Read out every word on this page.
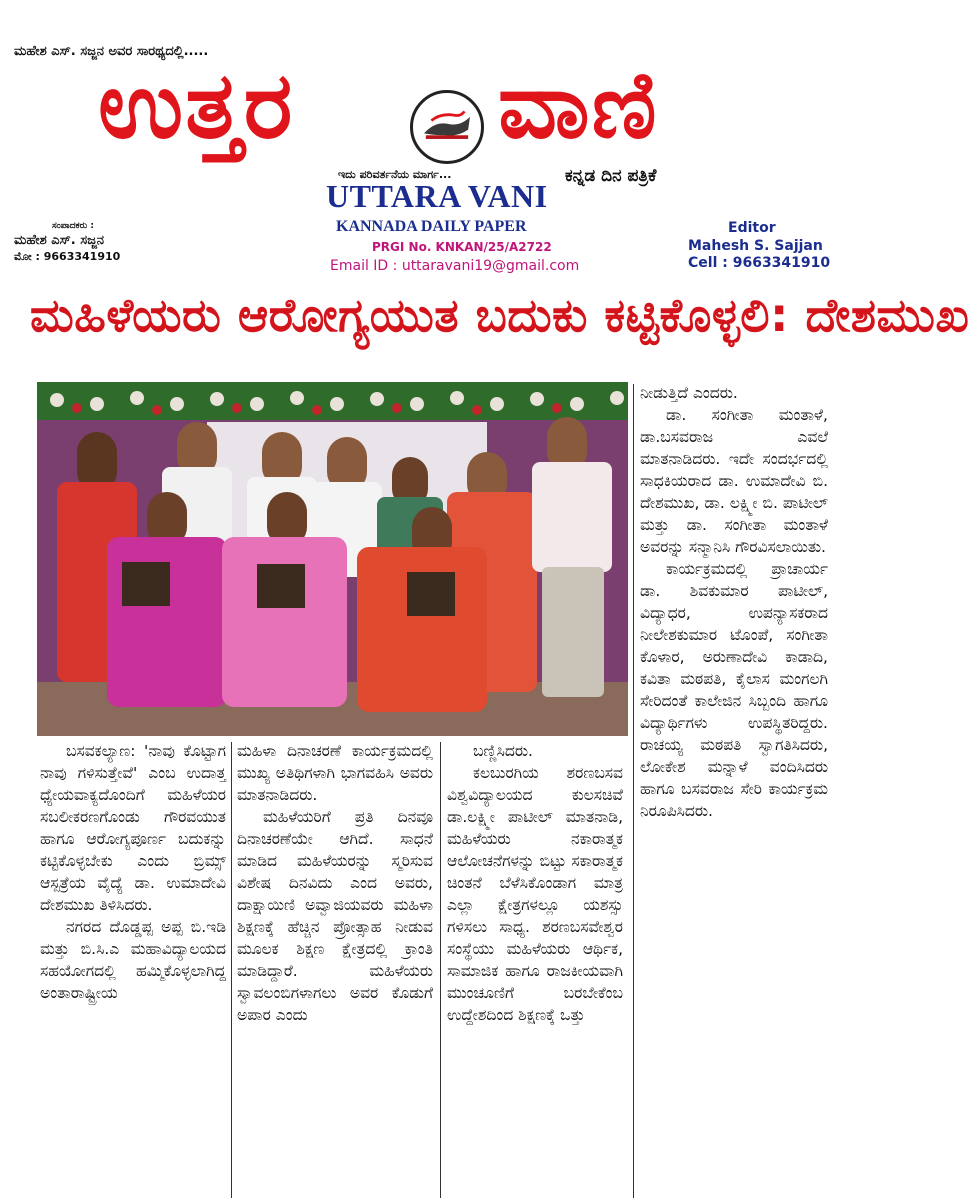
ಮಹೇಶ ಎಸ್. ಸಜ್ಜನ ಅವರ ಸಾರಥ್ಯದಲ್ಲಿ.....
ಉತ್ತರ ವಾಣಿ
ಇದು ಪರಿವರ್ತನೆಯ ಮಾರ್ಗ...
UTTARA VANI
ಕನ್ನಡ ದಿನ ಪತ್ರಿಕೆ
KANNADA DAILY PAPER
PRGI No. KNKAN/25/A2722
Email ID : uttaravani19@gmail.com
ಸಂಪಾದಕರು :
ಮಹೇಶ ಎಸ್. ಸಜ್ಜನ
ಮೋ : 9663341910
Editor
Mahesh S. Sajjan
Cell : 9663341910
ಮಹಿಳೆಯರು ಆರೋಗ್ಯಯುತ ಬದುಕು ಕಟ್ಟಿಕೊಳ್ಳಲಿ: ದೇಶಮುಖ

ಬಸವಕಲ್ಯಾಣ: 'ನಾವು ಕೊಟ್ಟಾಗ ನಾವು ಗಳಿಸುತ್ತೇವೆ' ಎಂಬ ಉದಾತ್ತ ಧ್ಯೇಯವಾಕ್ಯದೊಂದಿಗೆ ಮಹಿಳೆಯರ ಸಬಲೀಕರಣಗೊಂಡು ಗೌರವಯುತ ಹಾಗೂ ಆರೋಗ್ಯಪೂರ್ಣ ಬದುಕನ್ನು ಕಟ್ಟಿಕೊಳ್ಳಬೇಕು ಎಂದು ಬ್ರಿಮ್ಸ್ ಆಸ್ಪತ್ರೆಯ ವೈದ್ಯೆ ಡಾ. ಉಮಾದೇವಿ ದೇಶಮುಖ ತಿಳಿಸಿದರು.

ನಗರದ ದೊಡ್ಡಪ್ಪ ಅಪ್ಪ ಬಿ.ಇಡಿ ಮತ್ತು ಬಿ.ಸಿ.ಎ ಮಹಾವಿದ್ಯಾಲಯದ ಸಹಯೋಗದಲ್ಲಿ ಹಮ್ಮಿಕೊಳ್ಳಲಾಗಿದ್ದ ಅಂತಾರಾಷ್ಟ್ರೀಯ

ಮಹಿಳಾ ದಿನಾಚರಣೆ ಕಾರ್ಯಕ್ರಮದಲ್ಲಿ ಮುಖ್ಯ ಅತಿಥಿಗಳಾಗಿ ಭಾಗವಹಿಸಿ ಅವರು ಮಾತನಾಡಿದರು.

ಮಹಿಳೆಯರಿಗೆ ಪ್ರತಿ ದಿನವೂ ದಿನಾಚರಣೆಯೇ ಆಗಿದೆ. ಸಾಧನೆ ಮಾಡಿದ ಮಹಿಳೆಯರನ್ನು ಸ್ಮರಿಸುವ ವಿಶೇಷ ದಿನವಿದು ಎಂದ ಅವರು, ದಾಕ್ಷಾಯಿಣಿ ಅವ್ವಾಜಿಯವರು ಮಹಿಳಾ ಶಿಕ್ಷಣಕ್ಕೆ ಹೆಚ್ಚಿನ ಪ್ರೋತ್ಸಾಹ ನೀಡುವ ಮೂಲಕ ಶಿಕ್ಷಣ ಕ್ಷೇತ್ರದಲ್ಲಿ ಕ್ರಾಂತಿ ಮಾಡಿದ್ದಾರೆ. ಮಹಿಳೆಯರು ಸ್ವಾವಲಂಬಿಗಳಾಗಲು ಅವರ ಕೊಡುಗೆ ಅಪಾರ ಎಂದು

ಬಣ್ಣಿಸಿದರು.

ಕಲಬುರಗಿಯ ಶರಣಬಸವ ವಿಶ್ವವಿದ್ಯಾಲಯದ ಕುಲಸಚಿವೆ ಡಾ.ಲಕ್ಷ್ಮೀ ಪಾಟೀಲ್ ಮಾತನಾಡಿ, ಮಹಿಳೆಯರು ನಕಾರಾತ್ಮಕ ಆಲೋಚನೆಗಳನ್ನು ಬಿಟ್ಟು ಸಕಾರಾತ್ಮಕ ಚಿಂತನೆ ಬೆಳೆಸಿಕೊಂಡಾಗ ಮಾತ್ರ ಎಲ್ಲಾ ಕ್ಷೇತ್ರಗಳಲ್ಲೂ ಯಶಸ್ಸು ಗಳಿಸಲು ಸಾಧ್ಯ. ಶರಣಬಸವೇಶ್ವರ ಸಂಸ್ಥೆಯು ಮಹಿಳೆಯರು ಆರ್ಥಿಕ, ಸಾಮಾಜಿಕ ಹಾಗೂ ರಾಜಕೀಯವಾಗಿ ಮುಂಚೂಣಿಗೆ ಬರಬೇಕೆಂಬ ಉದ್ದೇಶದಿಂದ ಶಿಕ್ಷಣಕ್ಕೆ ಒತ್ತು

ನೀಡುತ್ತಿದೆ ಎಂದರು.

ಡಾ. ಸಂಗೀತಾ ಮಂತಾಳೆ, ಡಾ.ಬಸವರಾಜ ಎವಲೆ ಮಾತನಾಡಿದರು. ಇದೇ ಸಂದರ್ಭದಲ್ಲಿ ಸಾಧಕಿಯರಾದ ಡಾ. ಉಮಾದೇವಿ ಬಿ. ದೇಶಮುಖ, ಡಾ. ಲಕ್ಷ್ಮೀ ಬಿ. ಪಾಟೀಲ್ ಮತ್ತು ಡಾ. ಸಂಗೀತಾ ಮಂತಾಳೆ ಅವರನ್ನು ಸನ್ಮಾನಿಸಿ ಗೌರವಿಸಲಾಯಿತು.

ಕಾರ್ಯಕ್ರಮದಲ್ಲಿ ಪ್ರಾಚಾರ್ಯ ಡಾ. ಶಿವಕುಮಾರ ಪಾಟೀಲ್, ವಿದ್ಯಾಧರ, ಉಪನ್ಯಾಸಕರಾದ ನೀಲೇಶಕುಮಾರ ಟೊಂಪೆ, ಸಂಗೀತಾ ಕೊಳಾರ, ಅರುಣಾದೇವಿ ಕಾಡಾದಿ, ಕವಿತಾ ಮಠಪತಿ, ಕೈಲಾಸ ಮಂಗಲಗಿ ಸೇರಿದಂತೆ ಕಾಲೇಜಿನ ಸಿಬ್ಬಂದಿ ಹಾಗೂ ವಿದ್ಯಾರ್ಥಿಗಳು ಉಪಸ್ಥಿತರಿದ್ದರು. ರಾಚಯ್ಯ ಮಠಪತಿ ಸ್ವಾಗತಿಸಿದರು, ಲೋಕೇಶ ಮನ್ನಾಳೆ ವಂದಿಸಿದರು ಹಾಗೂ ಬಸವರಾಜ ಸೇರಿ ಕಾರ್ಯಕ್ರಮ ನಿರೂಪಿಸಿದರು.
